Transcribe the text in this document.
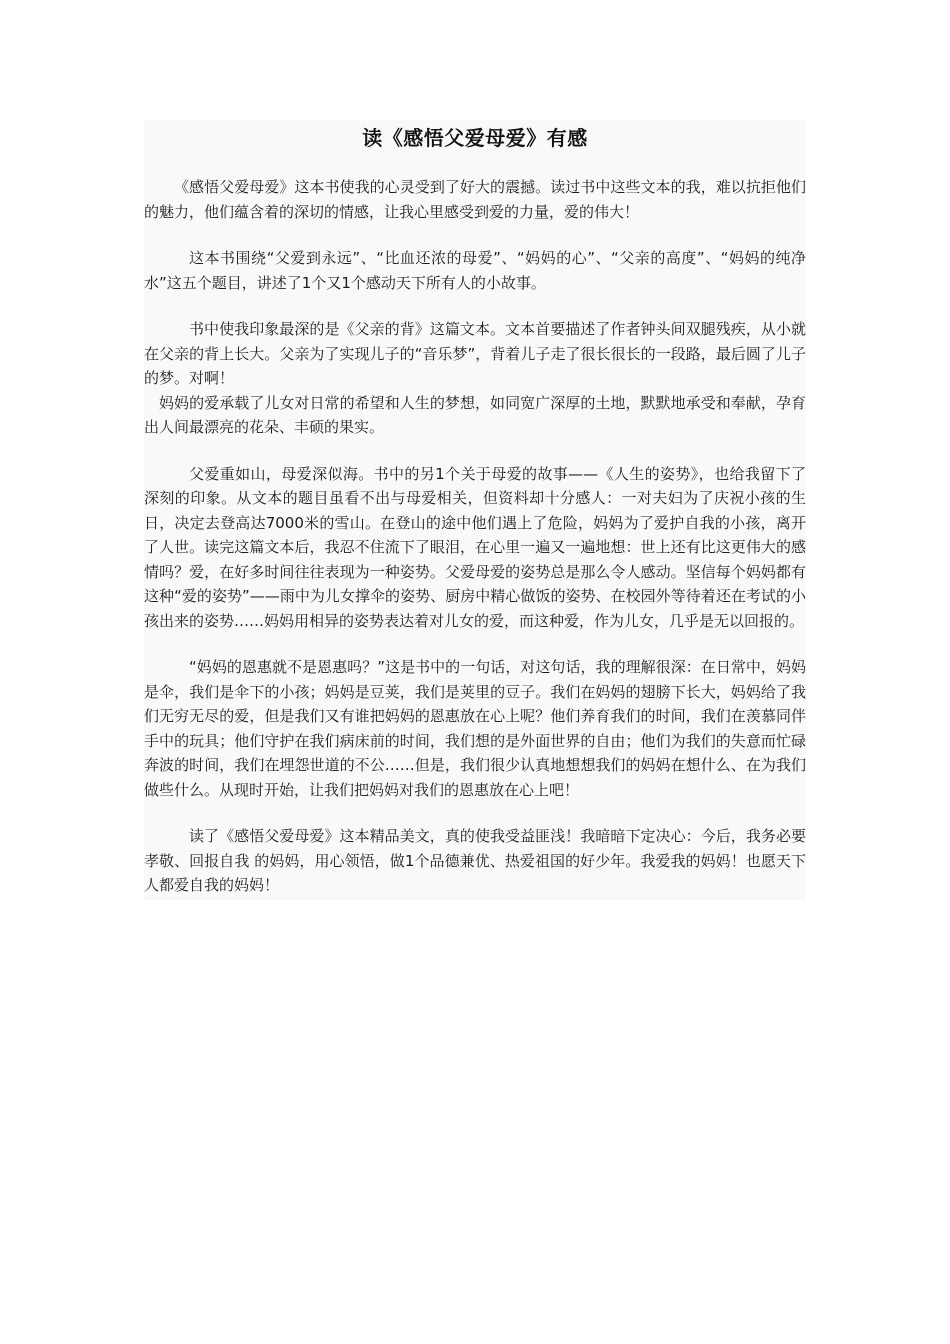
读《感悟父爱母爱》有感

《感悟父爱母爱》这本书使我的心灵受到了好大的震撼。读过书中这些文本的我，难以抗拒他们的魅力，他们蕴含着的深切的情感，让我心里感受到爱的力量，爱的伟大！

这本书围绕“父爱到永远”、“比血还浓的母爱”、“妈妈的心”、“父亲的高度”、“妈妈的纯净水”这五个题目，讲述了1个又1个感动天下所有人的小故事。

书中使我印象最深的是《父亲的背》这篇文本。文本首要描述了作者钟头间双腿残疾，从小就在父亲的背上长大。父亲为了实现儿子的“音乐梦”，背着儿子走了很长很长的一段路，最后圆了儿子的梦。对啊！

妈妈的爱承载了儿女对日常的希望和人生的梦想，如同宽广深厚的土地，默默地承受和奉献，孕育出人间最漂亮的花朵、丰硕的果实。

父爱重如山，母爱深似海。书中的另1个关于母爱的故事——《人生的姿势》，也给我留下了深刻的印象。从文本的题目虽看不出与母爱相关，但资料却十分感人：一对夫妇为了庆祝小孩的生日，决定去登高达7000米的雪山。在登山的途中他们遇上了危险，妈妈为了爱护自我的小孩，离开了人世。读完这篇文本后，我忍不住流下了眼泪，在心里一遍又一遍地想：世上还有比这更伟大的感情吗？爱，在好多时间往往表现为一种姿势。父爱母爱的姿势总是那么令人感动。坚信每个妈妈都有这种“爱的姿势”——雨中为儿女撑伞的姿势、厨房中精心做饭的姿势、在校园外等待着还在考试的小孩出来的姿势……妈妈用相异的姿势表达着对儿女的爱，而这种爱，作为儿女，几乎是无以回报的。

“妈妈的恩惠就不是恩惠吗？”这是书中的一句话，对这句话，我的理解很深：在日常中，妈妈是伞，我们是伞下的小孩；妈妈是豆荚，我们是荚里的豆子。我们在妈妈的翅膀下长大，妈妈给了我们无穷无尽的爱，但是我们又有谁把妈妈的恩惠放在心上呢？他们养育我们的时间，我们在羡慕同伴手中的玩具；他们守护在我们病床前的时间，我们想的是外面世界的自由；他们为我们的失意而忙碌奔波的时间，我们在埋怨世道的不公……但是，我们很少认真地想想我们的妈妈在想什么、在为我们做些什么。从现时开始，让我们把妈妈对我们的恩惠放在心上吧！

读了《感悟父爱母爱》这本精品美文，真的使我受益匪浅！我暗暗下定决心：今后，我务必要孝敬、回报自我 的妈妈，用心领悟，做1个品德兼优、热爱祖国的好少年。我爱我的妈妈！也愿天下人都爱自我的妈妈！
